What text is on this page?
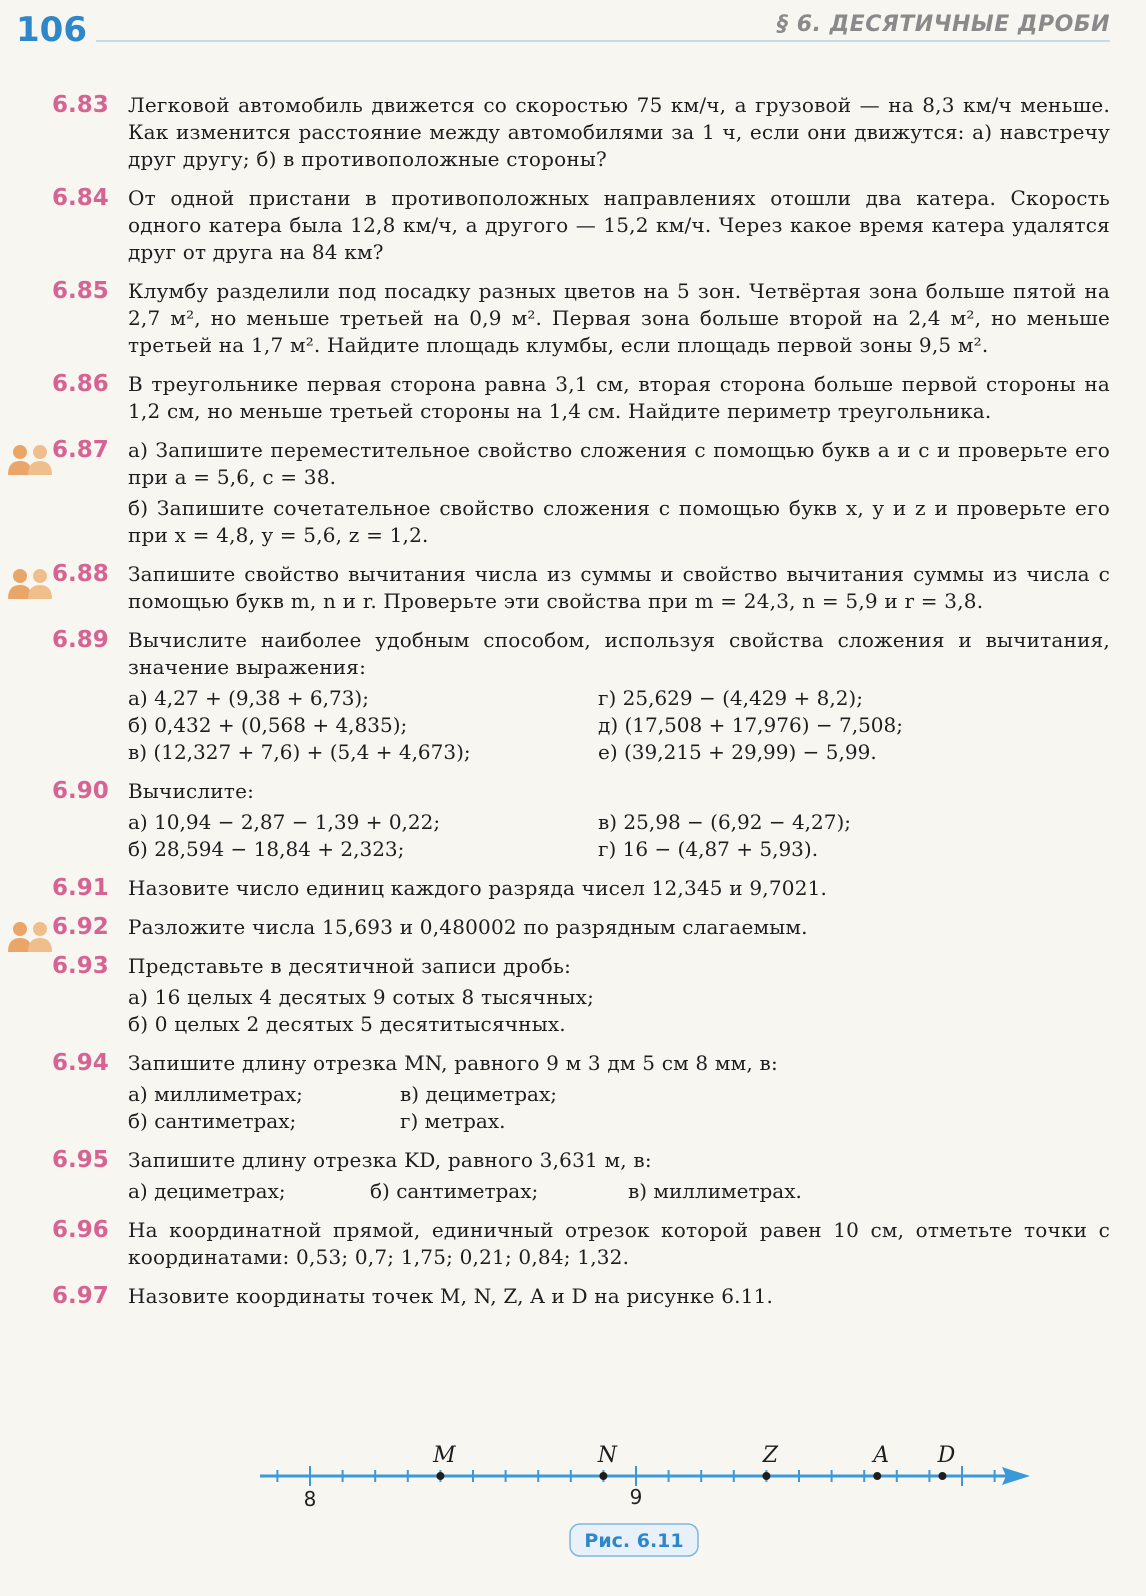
106	§ 6. ДЕСЯТИЧНЫЕ ДРОБИ
6.83 Легковой автомобиль движется со скоростью 75 км/ч, а грузовой — на 8,3 км/ч меньше. Как изменится расстояние между автомобилями за 1 ч, если они движутся: а) навстречу друг другу; б) в противоположные стороны?
6.84 От одной пристани в противоположных направлениях отошли два катера. Скорость одного катера была 12,8 км/ч, а другого — 15,2 км/ч. Через какое время катера удалятся друг от друга на 84 км?
6.85 Клумбу разделили под посадку разных цветов на 5 зон. Четвёртая зона больше пятой на 2,7 м², но меньше третьей на 0,9 м². Первая зона больше второй на 2,4 м², но меньше третьей на 1,7 м². Найдите площадь клумбы, если площадь первой зоны 9,5 м².
6.86 В треугольнике первая сторона равна 3,1 см, вторая сторона больше первой стороны на 1,2 см, но меньше третьей стороны на 1,4 см. Найдите периметр треугольника.
6.87 а) Запишите переместительное свойство сложения с помощью букв a и c и проверьте его при a = 5,6, c = 38.
б) Запишите сочетательное свойство сложения с помощью букв x, y и z и проверьте его при x = 4,8, y = 5,6, z = 1,2.
6.88 Запишите свойство вычитания числа из суммы и свойство вычитания суммы из числа с помощью букв m, n и r. Проверьте эти свойства при m = 24,3, n = 5,9 и r = 3,8.
6.89 Вычислите наиболее удобным способом, используя свойства сложения и вычитания, значение выражения:
а) 4,27 + (9,38 + 6,73);	г) 25,629 − (4,429 + 8,2);
б) 0,432 + (0,568 + 4,835);	д) (17,508 + 17,976) − 7,508;
в) (12,327 + 7,6) + (5,4 + 4,673);	е) (39,215 + 29,99) − 5,99.
6.90 Вычислите:
а) 10,94 − 2,87 − 1,39 + 0,22;	в) 25,98 − (6,92 − 4,27);
б) 28,594 − 18,84 + 2,323;	г) 16 − (4,87 + 5,93).
6.91 Назовите число единиц каждого разряда чисел 12,345 и 9,7021.
6.92 Разложите числа 15,693 и 0,480002 по разрядным слагаемым.
6.93 Представьте в десятичной записи дробь:
а) 16 целых 4 десятых 9 сотых 8 тысячных;
б) 0 целых 2 десятых 5 десятитысячных.
6.94 Запишите длину отрезка MN, равного 9 м 3 дм 5 см 8 мм, в:
а) миллиметрах;	в) дециметрах;
б) сантиметрах;	г) метрах.
6.95 Запишите длину отрезка KD, равного 3,631 м, в:
а) дециметрах;	б) сантиметрах;	в) миллиметрах.
6.96 На координатной прямой, единичный отрезок которой равен 10 см, отметьте точки с координатами: 0,53; 0,7; 1,75; 0,21; 0,84; 1,32.
6.97 Назовите координаты точек M, N, Z, A и D на рисунке 6.11.
8	9
M	N	Z	A D
Рис. 6.11
